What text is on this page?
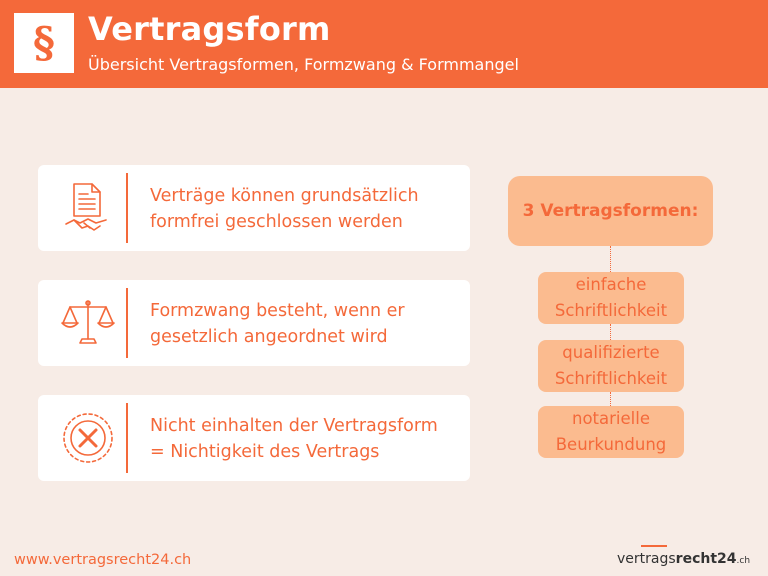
§	Vertragsform
Übersicht Vertragsformen, Formzwang & Formmangel
Verträge können grundsätzlich
formfrei geschlossen werden
Formzwang besteht, wenn er
gesetzlich angeordnet wird
Nicht einhalten der Vertragsform
= Nichtigkeit des Vertrags
3 Vertragsformen:
einfache
Schriftlichkeit
qualifizierte
Schriftlichkeit
notarielle
Beurkundung
www.vertragsrecht24.ch	vertragsrecht24.ch
